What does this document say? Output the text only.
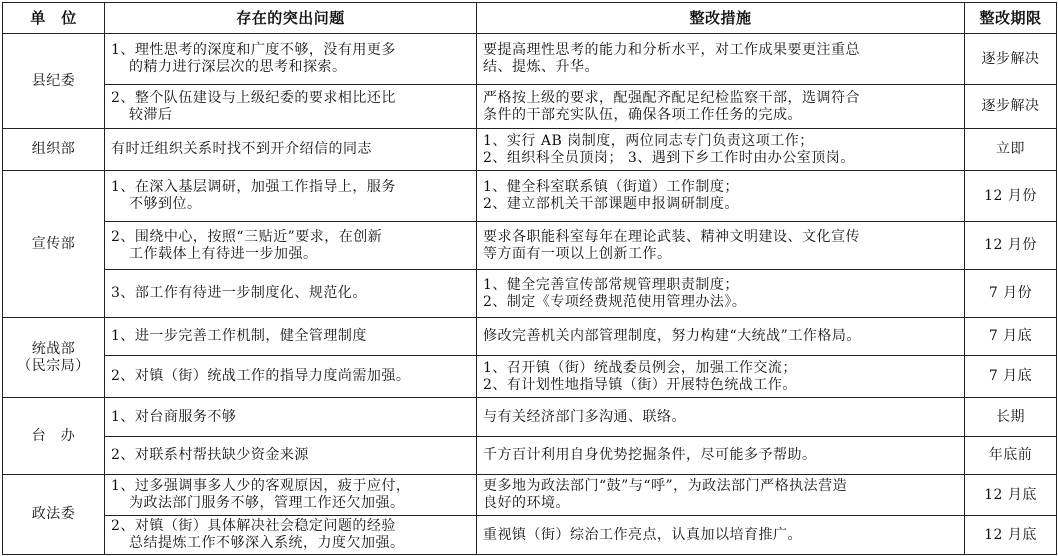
单　位	存在的突出问题	整改措施	整改期限

县纪委	1、理性思考的深度和广度不够，没有用更多
的精力进行深层次的思考和探索。	要提高理性思考的能力和分析水平，对工作成果要更注重总
结、提炼、升华。	逐步解决

	2、整个队伍建设与上级纪委的要求相比还比
较滞后	严格按上级的要求，配强配齐配足纪检监察干部，选调符合
条件的干部充实队伍，确保各项工作任务的完成。	逐步解决

组织部	有时迁组织关系时找不到开介绍信的同志	1、实行 AB 岗制度，两位同志专门负责这项工作；
2、组织科全员顶岗； 3、遇到下乡工作时由办公室顶岗。	立即

宣传部	1、在深入基层调研，加强工作指导上，服务
不够到位。	1、健全科室联系镇（街道）工作制度；
2、建立部机关干部课题申报调研制度。	12 月份

	2、围绕中心，按照“三贴近”要求，在创新
工作载体上有待进一步加强。	要求各职能科室每年在理论武装、精神文明建设、文化宣传
等方面有一项以上创新工作。	12 月份

	3、部工作有待进一步制度化、规范化。	1、健全完善宣传部常规管理职责制度；
2、制定《专项经费规范使用管理办法》。	7 月份

统战部
（民宗局）	1、进一步完善工作机制，健全管理制度	修改完善机关内部管理制度，努力构建“大统战”工作格局。	7 月底

	2、对镇（街）统战工作的指导力度尚需加强。	1、召开镇（街）统战委员例会，加强工作交流；
2、有计划性地指导镇（街）开展特色统战工作。	7 月底

台　办	1、对台商服务不够	与有关经济部门多沟通、联络。	长期

	2、对联系村帮扶缺少资金来源	千方百计利用自身优势挖掘条件，尽可能多予帮助。	年底前

政法委	1、过多强调事多人少的客观原因，疲于应付，
为政法部门服务不够，管理工作还欠加强。	更多地为政法部门“鼓”与“呼”，为政法部门严格执法营造
良好的环境。	12 月底

	2、对镇（街）具体解决社会稳定问题的经验
总结提炼工作不够深入系统，力度欠加强。	重视镇（街）综治工作亮点，认真加以培育推广。	12 月底
